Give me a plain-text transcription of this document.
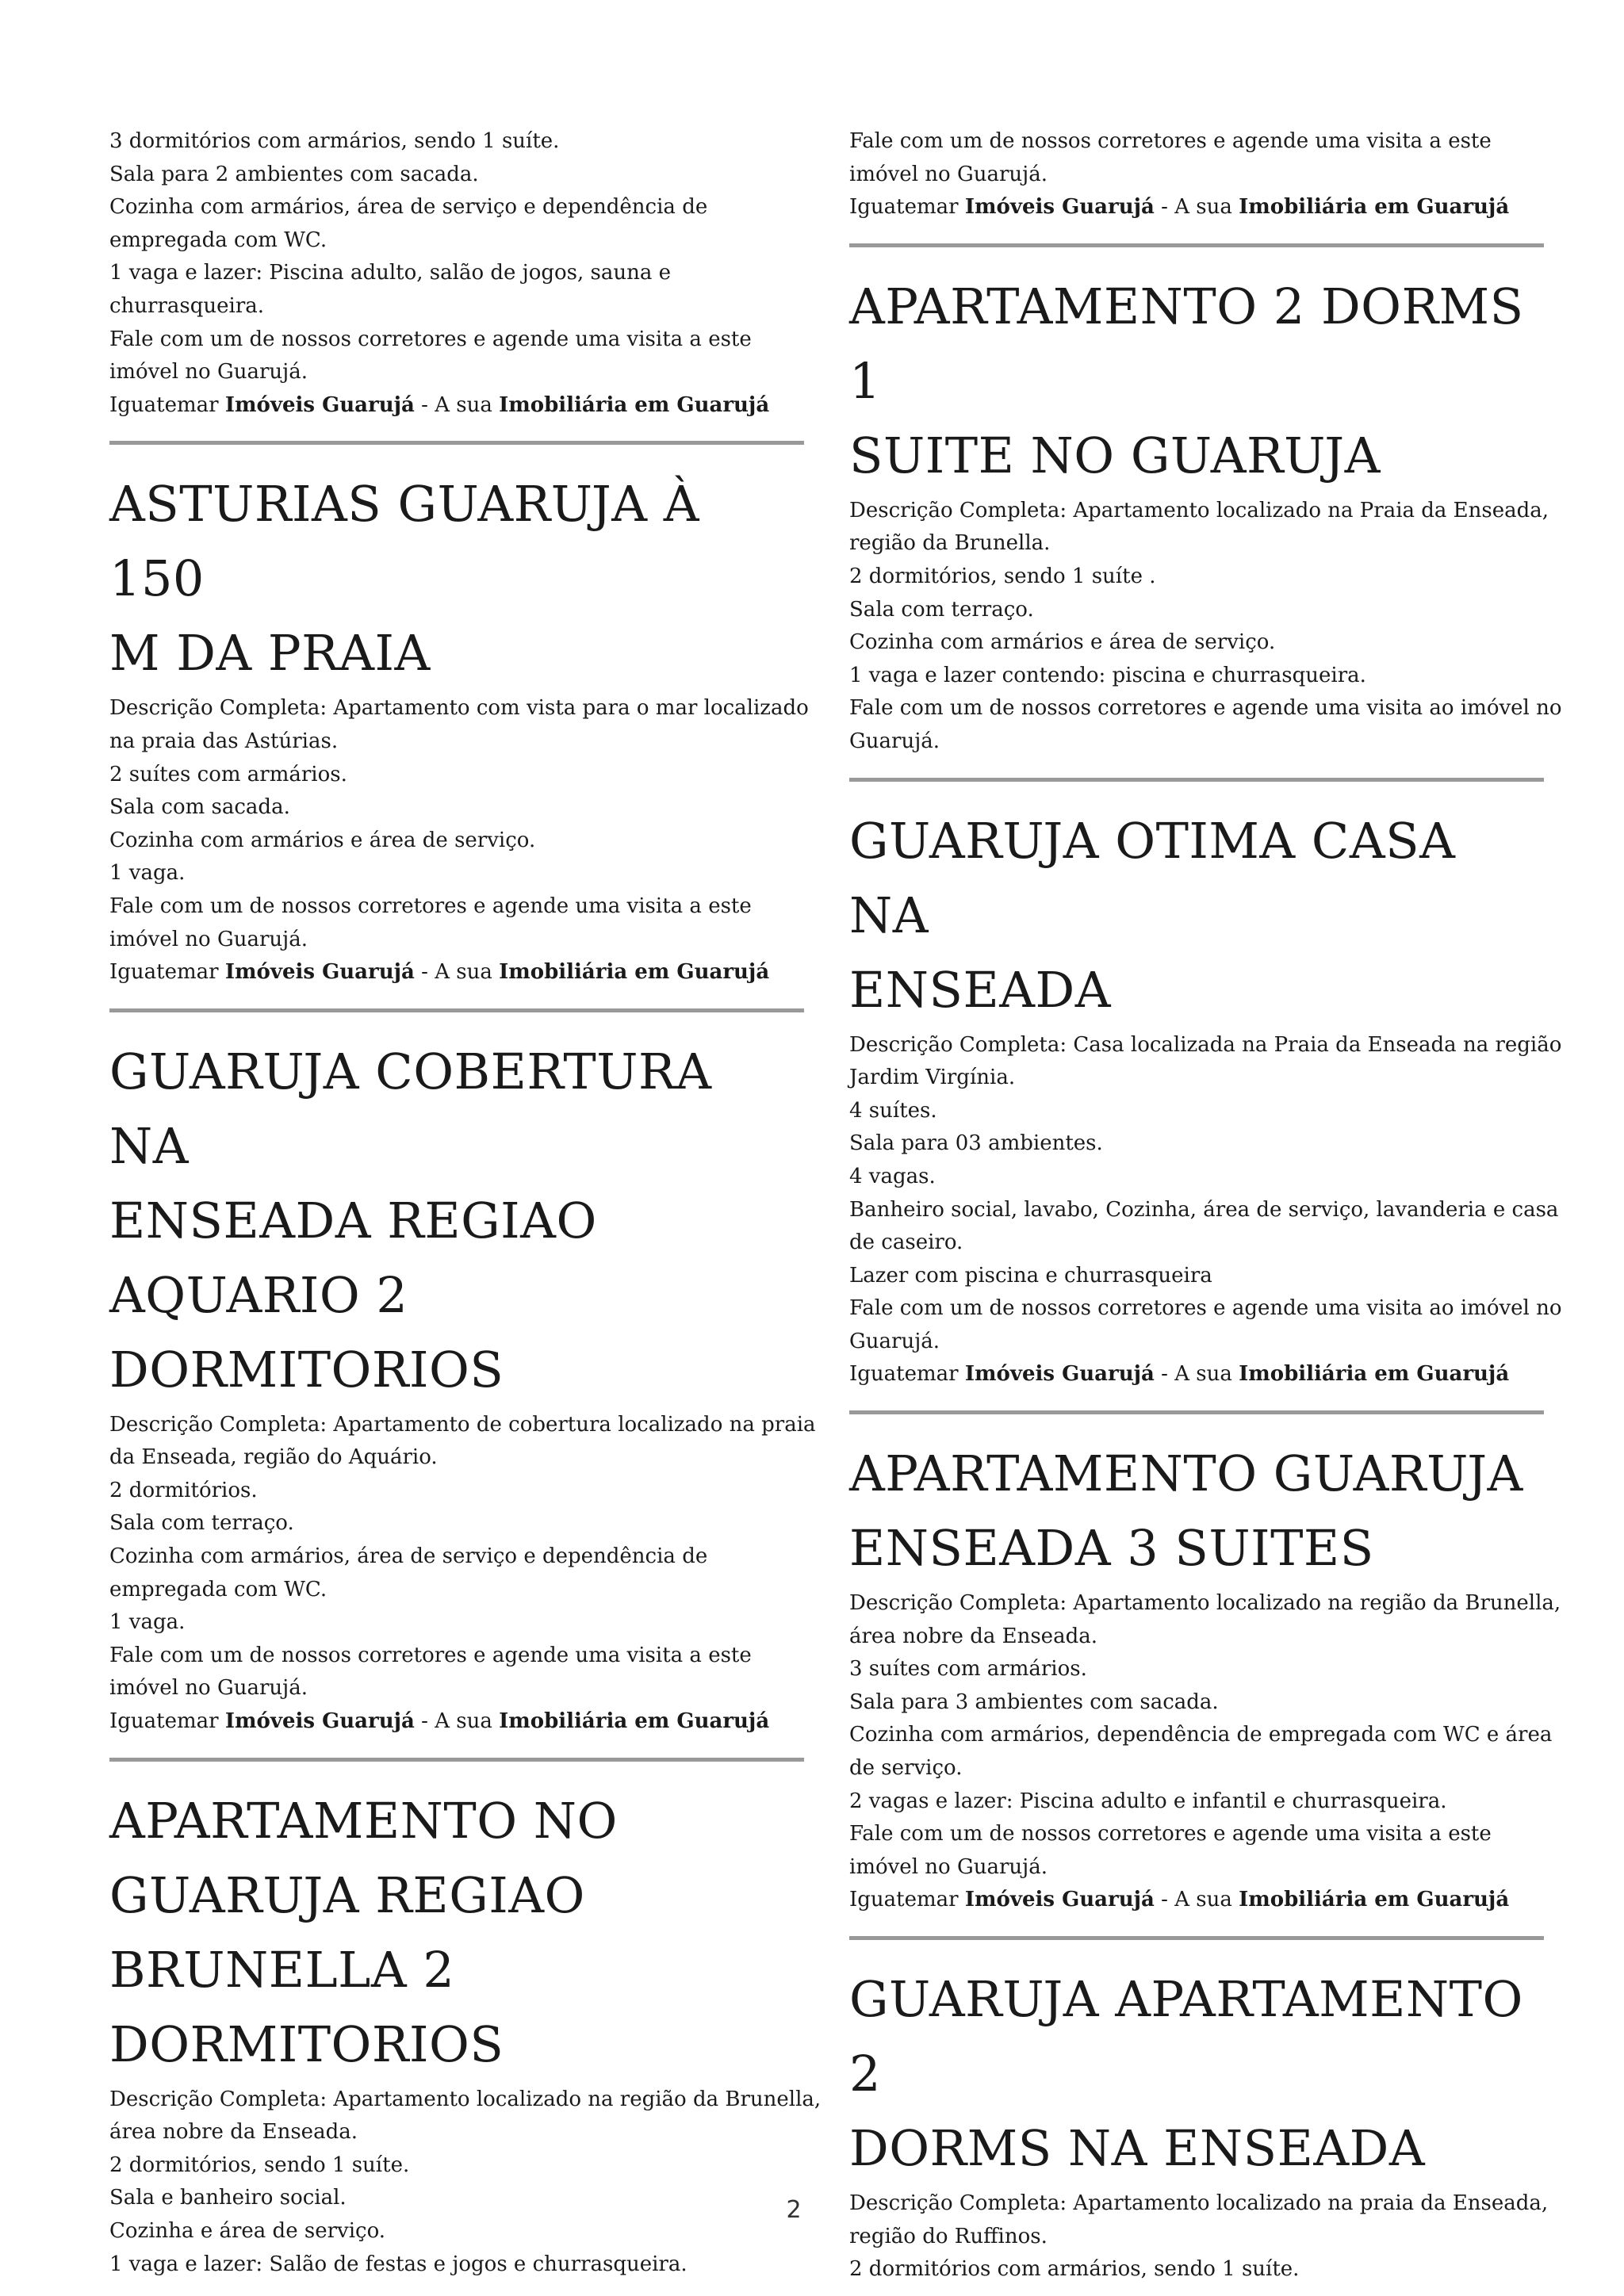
3 dormitórios com armários, sendo 1 suíte.
Sala para 2 ambientes com sacada.
Cozinha com armários, área de serviço e dependência de
empregada com WC.
1 vaga e lazer: Piscina adulto, salão de jogos, sauna e
churrasqueira.
Fale com um de nossos corretores e agende uma visita a este
imóvel no Guarujá.
Iguatemar Imóveis Guarujá - A sua Imobiliária em Guarujá
ASTURIAS GUARUJA À 150
M DA PRAIA
Descrição Completa: Apartamento com vista para o mar localizado
na praia das Astúrias.
2 suítes com armários.
Sala com sacada.
Cozinha com armários e área de serviço.
1 vaga.
Fale com um de nossos corretores e agende uma visita a este
imóvel no Guarujá.
Iguatemar Imóveis Guarujá - A sua Imobiliária em Guarujá
GUARUJA COBERTURA NA
ENSEADA REGIAO
AQUARIO 2 DORMITORIOS
Descrição Completa: Apartamento de cobertura localizado na praia
da Enseada, região do Aquário.
2 dormitórios.
Sala com terraço.
Cozinha com armários, área de serviço e dependência de
empregada com WC.
1 vaga.
Fale com um de nossos corretores e agende uma visita a este
imóvel no Guarujá.
Iguatemar Imóveis Guarujá - A sua Imobiliária em Guarujá
APARTAMENTO NO
GUARUJA REGIAO
BRUNELLA 2
DORMITORIOS
Descrição Completa: Apartamento localizado na região da Brunella,
área nobre da Enseada.
2 dormitórios, sendo 1 suíte.
Sala e banheiro social.
Cozinha e área de serviço.
1 vaga e lazer: Salão de festas e jogos e churrasqueira.
Fale com um de nossos corretores e agende uma visita a este
imóvel no Guarujá.
Iguatemar Imóveis Guarujá - A sua Imobiliária em Guarujá
APARTAMENTO 2 DORMS 1
SUITE NO GUARUJA
Descrição Completa: Apartamento localizado na Praia da Enseada,
região da Brunella.
2 dormitórios, sendo 1 suíte .
Sala com terraço.
Cozinha com armários e área de serviço.
1 vaga e lazer contendo: piscina e churrasqueira.
Fale com um de nossos corretores e agende uma visita ao imóvel no
Guarujá.
GUARUJA OTIMA CASA NA
ENSEADA
Descrição Completa: Casa localizada na Praia da Enseada na região
Jardim Virgínia.
4 suítes.
Sala para 03 ambientes.
4 vagas.
Banheiro social, lavabo, Cozinha, área de serviço, lavanderia e casa
de caseiro.
Lazer com piscina e churrasqueira
Fale com um de nossos corretores e agende uma visita ao imóvel no
Guarujá.
Iguatemar Imóveis Guarujá - A sua Imobiliária em Guarujá
APARTAMENTO GUARUJA
ENSEADA 3 SUITES
Descrição Completa: Apartamento localizado na região da Brunella,
área nobre da Enseada.
3 suítes com armários.
Sala para 3 ambientes com sacada.
Cozinha com armários, dependência de empregada com WC e área
de serviço.
2 vagas e lazer: Piscina adulto e infantil e churrasqueira.
Fale com um de nossos corretores e agende uma visita a este
imóvel no Guarujá.
Iguatemar Imóveis Guarujá - A sua Imobiliária em Guarujá
GUARUJA APARTAMENTO 2
DORMS NA ENSEADA
Descrição Completa: Apartamento localizado na praia da Enseada,
região do Ruffinos.
2 dormitórios com armários, sendo 1 suíte.
2
